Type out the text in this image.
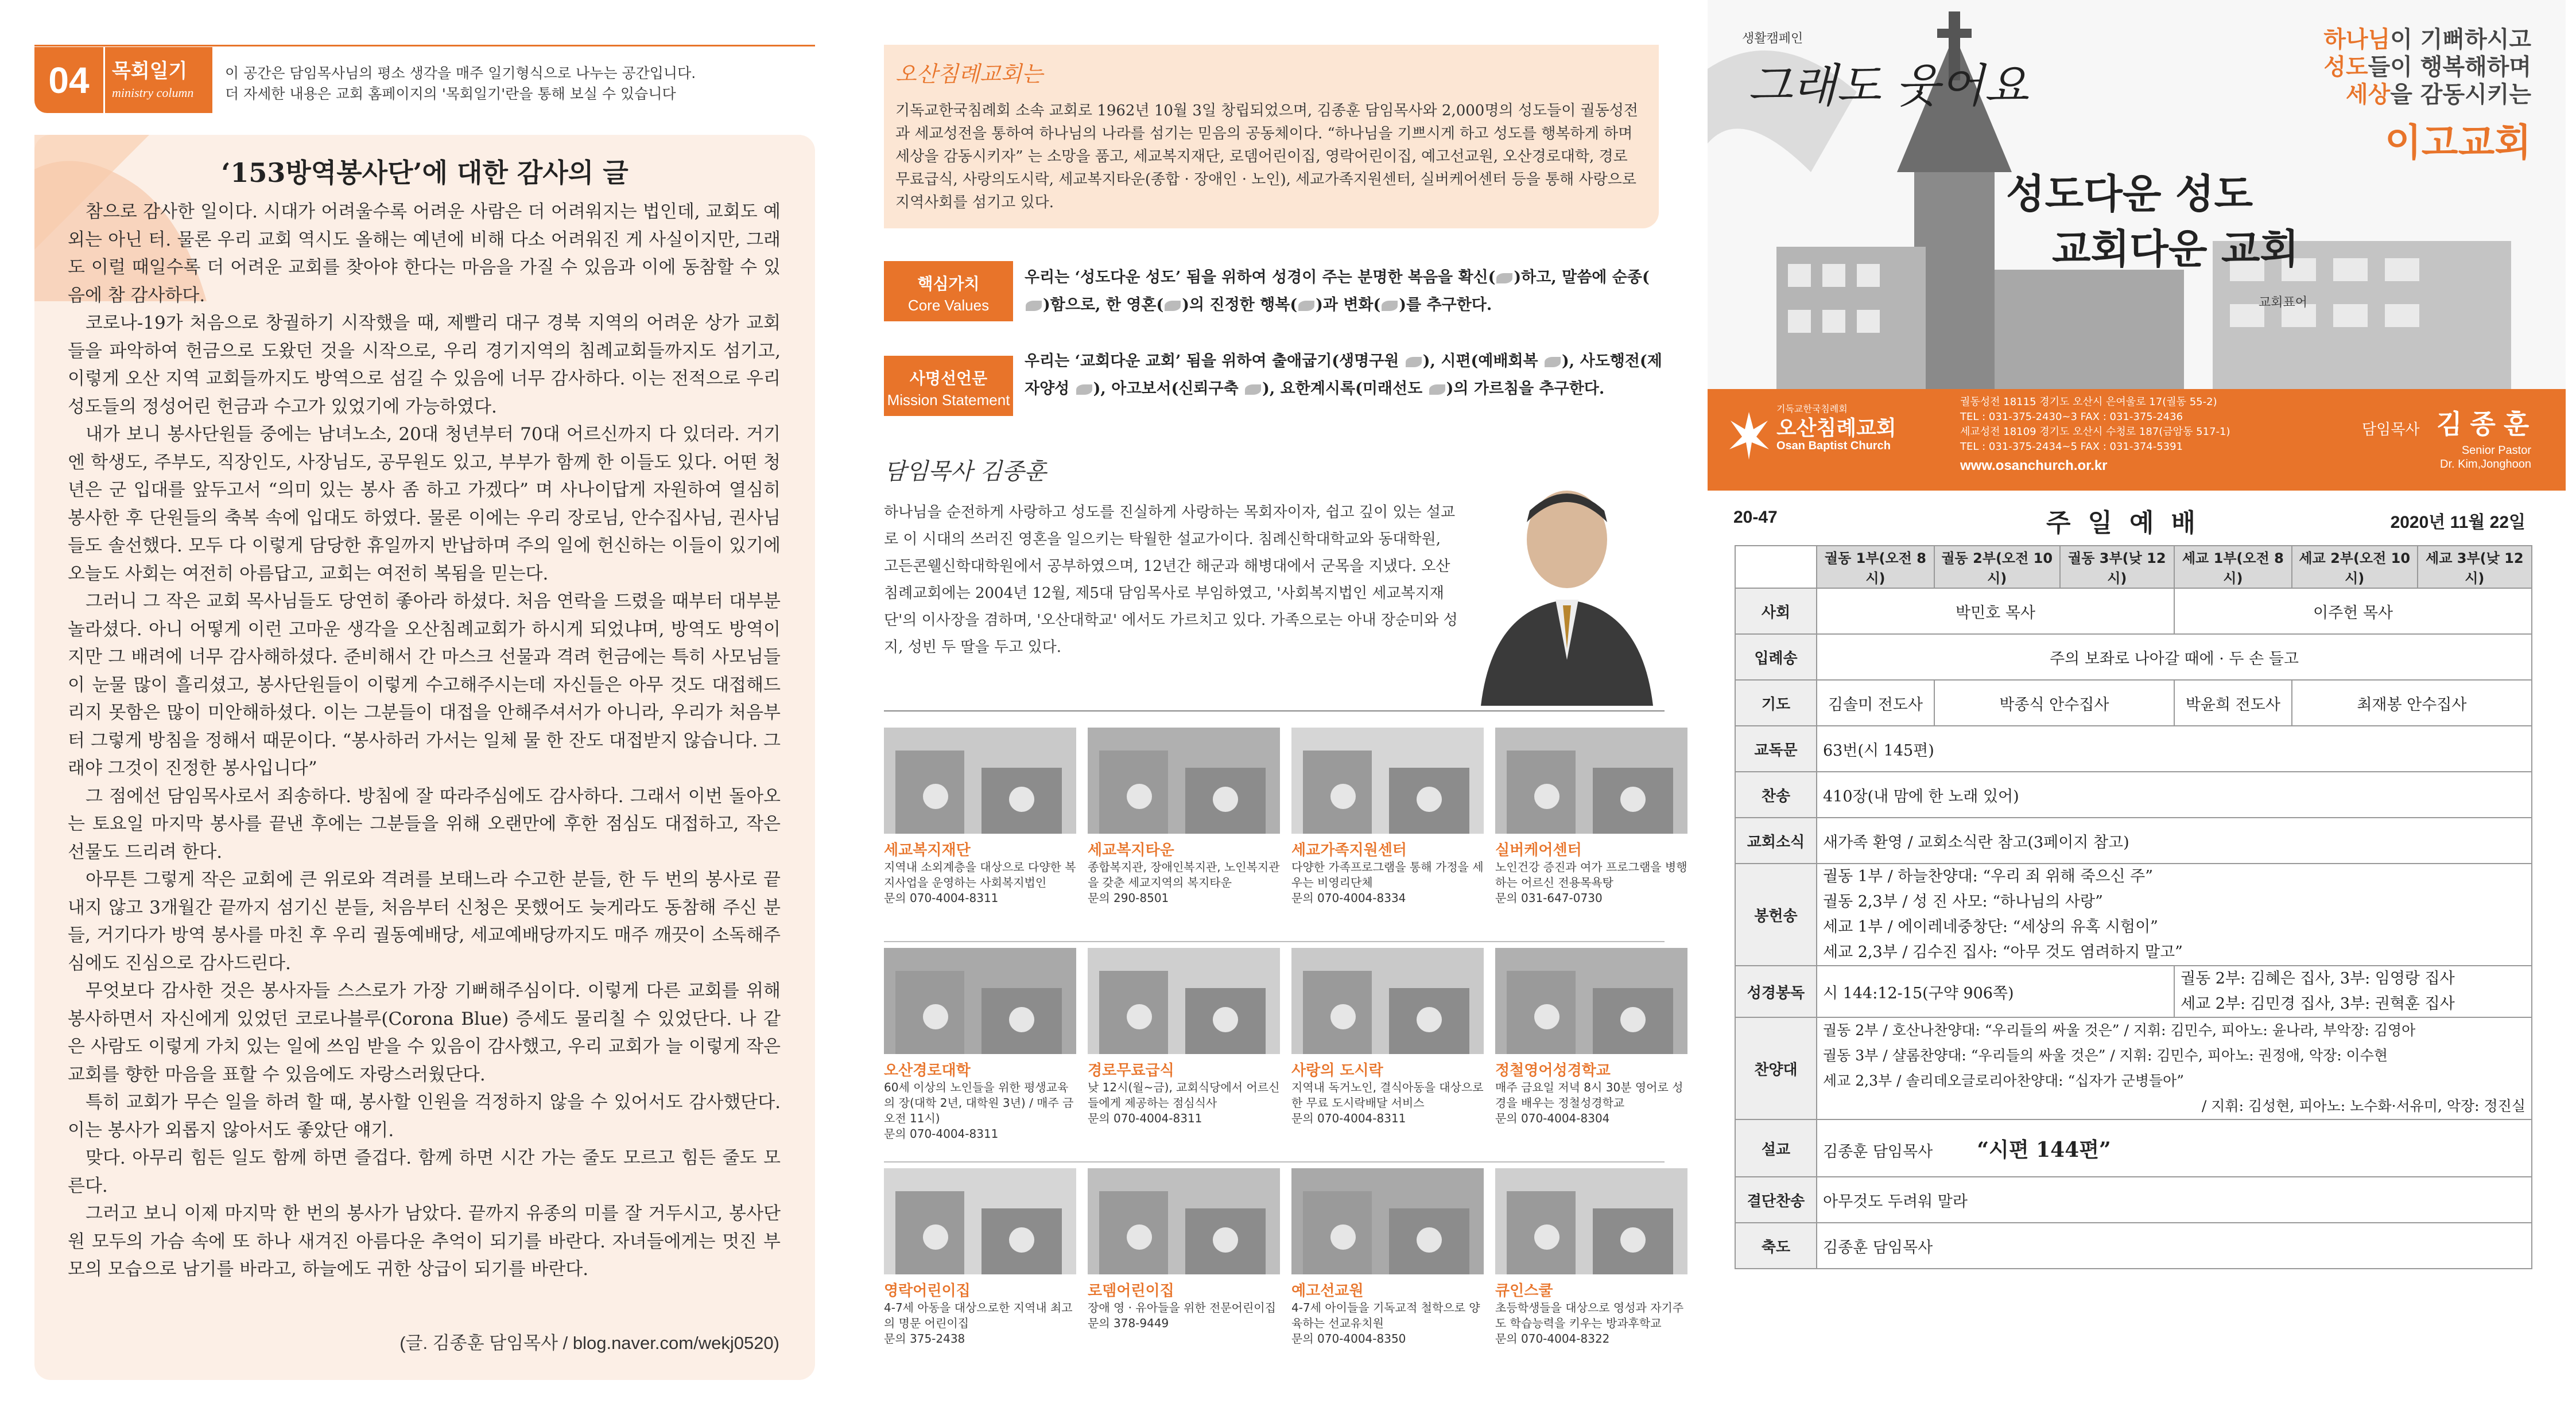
04	목회일기
ministry column
이 공간은 담임목사님의 평소 생각을 매주 일기형식으로 나누는 공간입니다.
더 자세한 내용은 교회 홈페이지의 '목회일기'란을 통해 보실 수 있습니다
‘153방역봉사단’에 대한 감사의 글

참으로 감사한 일이다. 시대가 어려울수록 어려운 사람은 더 어려워지는 법인데, 교회도 예외는 아닌 터. 물론 우리 교회 역시도 올해는 예년에 비해 다소 어려워진 게 사실이지만, 그래도 이럴 때일수록 더 어려운 교회를 찾아야 한다는 마음을 가질 수 있음과 이에 동참할 수 있음에 참 감사하다.

코로나-19가 처음으로 창궐하기 시작했을 때, 제빨리 대구 경북 지역의 어려운 상가 교회들을 파악하여 헌금으로 도왔던 것을 시작으로, 우리 경기지역의 침례교회들까지도 섬기고, 이렇게 오산 지역 교회들까지도 방역으로 섬길 수 있음에 너무 감사하다. 이는 전적으로 우리 성도들의 정성어린 헌금과 수고가 있었기에 가능하였다.

내가 보니 봉사단원들 중에는 남녀노소, 20대 청년부터 70대 어르신까지 다 있더라. 거기엔 학생도, 주부도, 직장인도, 사장님도, 공무원도 있고, 부부가 함께 한 이들도 있다. 어떤 청년은 군 입대를 앞두고서 “의미 있는 봉사 좀 하고 가겠다” 며 사나이답게 자원하여 열심히 봉사한 후 단원들의 축복 속에 입대도 하였다. 물론 이에는 우리 장로님, 안수집사님, 권사님들도 솔선했다. 모두 다 이렇게 담당한 휴일까지 반납하며 주의 일에 헌신하는 이들이 있기에 오늘도 사회는 여전히 아름답고, 교회는 여전히 복됨을 믿는다.

그러니 그 작은 교회 목사님들도 당연히 좋아라 하셨다. 처음 연락을 드렸을 때부터 대부분 놀라셨다. 아니 어떻게 이런 고마운 생각을 오산침례교회가 하시게 되었냐며, 방역도 방역이지만 그 배려에 너무 감사해하셨다. 준비해서 간 마스크 선물과 격려 헌금에는 특히 사모님들이 눈물 많이 흘리셨고, 봉사단원들이 이렇게 수고해주시는데 자신들은 아무 것도 대접해드리지 못함은 많이 미안해하셨다. 이는 그분들이 대접을 안해주셔서가 아니라, 우리가 처음부터 그렇게 방침을 정해서 때문이다. “봉사하러 가서는 일체 물 한 잔도 대접받지 않습니다. 그래야 그것이 진정한 봉사입니다”

그 점에선 담임목사로서 죄송하다. 방침에 잘 따라주심에도 감사하다. 그래서 이번 돌아오는 토요일 마지막 봉사를 끝낸 후에는 그분들을 위해 오랜만에 후한 점심도 대접하고, 작은 선물도 드리려 한다.

아무튼 그렇게 작은 교회에 큰 위로와 격려를 보태느라 수고한 분들, 한 두 번의 봉사로 끝내지 않고 3개월간 끝까지 섬기신 분들, 처음부터 신청은 못했어도 늦게라도 동참해 주신 분들, 거기다가 방역 봉사를 마친 후 우리 궐동예배당, 세교예배당까지도 매주 깨끗이 소독해주심에도 진심으로 감사드린다.

무엇보다 감사한 것은 봉사자들 스스로가 가장 기뻐해주심이다. 이렇게 다른 교회를 위해 봉사하면서 자신에게 있었던 코로나블루(Corona Blue) 증세도 물리칠 수 있었단다. 나 같은 사람도 이렇게 가치 있는 일에 쓰임 받을 수 있음이 감사했고, 우리 교회가 늘 이렇게 작은 교회를 향한 마음을 표할 수 있음에도 자랑스러웠단다.

특히 교회가 무슨 일을 하려 할 때, 봉사할 인원을 걱정하지 않을 수 있어서도 감사했단다. 이는 봉사가 외롭지 않아서도 좋았단 얘기.

맞다. 아무리 힘든 일도 함께 하면 즐겁다. 함께 하면 시간 가는 줄도 모르고 힘든 줄도 모른다.

그러고 보니 이제 마지막 한 번의 봉사가 남았다. 끝까지 유종의 미를 잘 거두시고, 봉사단원 모두의 가슴 속에 또 하나 새겨진 아름다운 추억이 되기를 바란다. 자녀들에게는 멋진 부모의 모습으로 남기를 바라고, 하늘에도 귀한 상급이 되기를 바란다.

(글. 김종훈 담임목사 / blog.naver.com/wekj0520)
오산침례교회는
기독교한국침례회 소속 교회로 1962년 10월 3일 창립되었으며, 김종훈 담임목사와 2,000명의 성도들이 궐동성전과 세교성전을 통하여 하나님의 나라를 섬기는 믿음의 공동체이다. “하나님을 기쁘시게 하고 성도를 행복하게 하며 세상을 감동시키자” 는 소망을 품고, 세교복지재단, 로뎀어린이집, 영락어린이집, 예고선교원, 오산경로대학, 경로무료급식, 사랑의도시락, 세교복지타운(종합 · 장애인 · 노인), 세교가족지원센터, 실버케어센터 등을 통해 사랑으로 지역사회를 섬기고 있다.
핵심가치
Core Values
우리는 ‘성도다운 성도’ 됨을 위하여 성경이 주는 분명한 복음을 확신( )하고, 말씀에 순종()함으로, 한 영혼( )의 진정한 행복( )과 변화( )를 추구한다.
사명선언문
Mission Statement
우리는 ‘교회다운 교회’ 됨을 위하여 출애굽기(생명구원 ), 시편(예배회복 ), 사도행전(제자양성 ), 아고보서(신뢰구축 ), 요한계시록(미래선도 )의 가르침을 추구한다.
담임목사 김종훈
하나님을 순전하게 사랑하고 성도를 진실하게 사랑하는 목회자이자, 쉽고 깊이 있는 설교로 이 시대의 쓰러진 영혼을 일으키는 탁월한 설교가이다. 침례신학대학교와 동대학원, 고든콘웰신학대학원에서 공부하였으며, 12년간 해군과 해병대에서 군목을 지냈다. 오산침례교회에는 2004년 12월, 제5대 담임목사로 부임하였고, '사회복지법인 세교복지재단'의 이사장을 겸하며, '오산대학교' 에서도 가르치고 있다. 가족으로는 아내 장순미와 성지, 성빈 두 딸을 두고 있다.
세교복지재단
지역내 소외계층을 대상으로 다양한 복지사업을 운영하는 사회복지법인
문의 070-4004-8311
세교복지타운
종합복지관, 장애인복지관, 노인복지관을 갖춘 세교지역의 복지타운
문의 290-8501
세교가족지원센터
다양한 가족프로그램을 통해 가정을 세우는 비영리단체
문의 070-4004-8334
실버케어센터
노인건강 증진과 여가 프로그램을 병행하는 어르신 전용목욕탕
문의 031-647-0730
오산경로대학
60세 이상의 노인들을 위한 평생교육의 장(대학 2년, 대학원 3년) / 매주 금 오전 11시)
문의 070-4004-8311
경로무료급식
낮 12시(월~금), 교회식당에서 어르신들에게 제공하는 점심식사
문의 070-4004-8311
사랑의 도시락
지역내 독거노인, 결식아동을 대상으로 한 무료 도시락배달 서비스
문의 070-4004-8311
정철영어성경학교
매주 금요일 저녁 8시 30분 영어로 성경을 배우는 정철성경학교
문의 070-4004-8304
영락어린이집
4-7세 아동을 대상으로한 지역내 최고의 명문 어린이집
문의 375-2438
로뎀어린이집
장애 영 · 유아들을 위한 전문어린이집
문의 378-9449
예고선교원
4-7세 아이들을 기독교적 철학으로 양육하는 선교유치원
문의 070-4004-8350
큐인스쿨
초등학생들을 대상으로 영성과 자기주도 학습능력을 키우는 방과후학교
문의 070-4004-8322
생활캠페인
그래도 웃어요
하나님이 기뻐하시고
성도들이 행복해하며
세상을 감동시키는
이고교회
성도다운 성도
교회다운 교회
교회표어
기독교한국침례회
오산침례교회
Osan Baptist Church
궐동성전 18115 경기도 오산시 은여울로 17(궐동 55-2)
TEL : 031-375-2430~3 FAX : 031-375-2436
세교성전 18109 경기도 오산시 수청로 187(금암동 517-1)
TEL : 031-375-2434~5 FAX : 031-374-5391
www.osanchurch.or.kr
담임목사 김종훈
Senior Pastor
Dr. Kim,Jonghoon
20-47	주일예배	2020년 11월 22일
	궐동 1부(오전 8시)	궐동 2부(오전 10시)	궐동 3부(낮 12시)	세교 1부(오전 8시)	세교 2부(오전 10시)	세교 3부(낮 12시)
사회	박민호 목사			이주헌 목사		
입례송	주의 보좌로 나아갈 때에 · 두 손 들고					
기도	김솔미 전도사	박종식 안수집사		박윤희 전도사	최재봉 안수집사	
교독문	63번(시 145편)					
찬송	410장(내 맘에 한 노래 있어)					
교회소식	새가족 환영 / 교회소식란 참고(3페이지 참고)					
봉헌송	궐동 1부 / 하늘찬양대: “우리 죄 위해 죽으신 주”
궐동 2,3부 / 성 진 사모: “하나님의 사랑”
세교 1부 / 에이레네중창단: “세상의 유혹 시험이”
세교 2,3부 / 김수진 집사: “아무 것도 염려하지 말고”					

성경봉독	시 144:12-15(구약 906쪽)			궐동 2부: 김혜은 집사, 3부: 임영랑 집사
세교 2부: 김민경 집사, 3부: 권혁훈 집사		

찬양대	궐동 2부 / 호산나찬양대: “우리들의 싸울 것은” / 지휘: 김민수, 피아노: 윤나라, 부악장: 김영아
궐동 3부 / 샬롬찬양대: “우리들의 싸울 것은” / 지휘: 김민수, 피아노: 권정애, 악장: 이수현
세교 2,3부 / 솔리데오글로리아찬양대: “십자가 군병들아”
/ 지휘: 김성현, 피아노: 노수화·서유미, 악장: 정진실					

설교	김종훈 담임목사 “시편 144편”					
결단찬송	아무것도 두려워 말라					
축도	김종훈 담임목사					
